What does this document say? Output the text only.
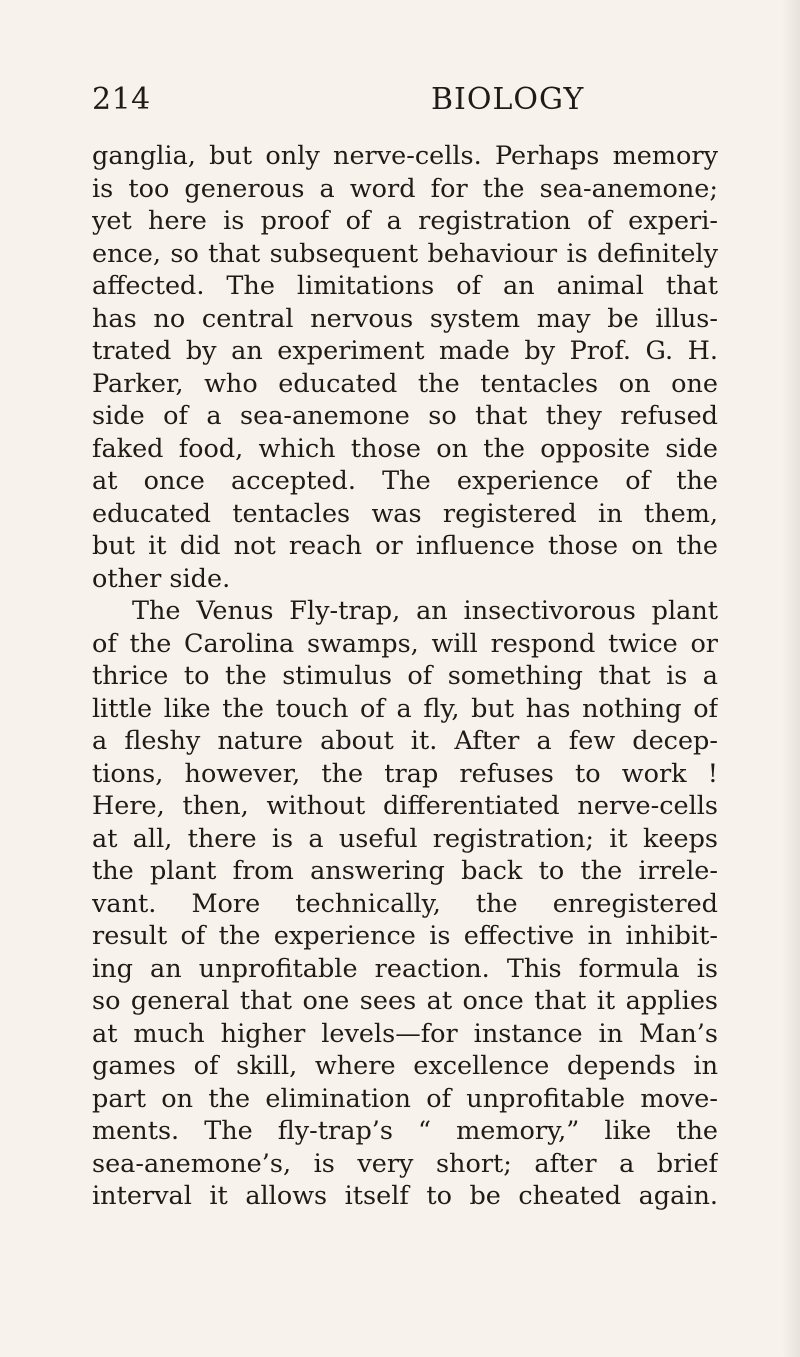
214	BIOLOGY
ganglia, but only nerve-cells. Perhaps memory
is too generous a word for the sea-anemone;
yet here is proof of a registration of experi-
ence, so that subsequent behaviour is definitely
affected. The limitations of an animal that
has no central nervous system may be illus-
trated by an experiment made by Prof. G. H.
Parker, who educated the tentacles on one
side of a sea-anemone so that they refused
faked food, which those on the opposite side
at once accepted. The experience of the
educated tentacles was registered in them,
but it did not reach or influence those on the
other side.
The Venus Fly-trap, an insectivorous plant
of the Carolina swamps, will respond twice or
thrice to the stimulus of something that is a
little like the touch of a fly, but has nothing of
a fleshy nature about it. After a few decep-
tions, however, the trap refuses to work !
Here, then, without differentiated nerve-cells
at all, there is a useful registration; it keeps
the plant from answering back to the irrele-
vant. More technically, the enregistered
result of the experience is effective in inhibit-
ing an unprofitable reaction. This formula is
so general that one sees at once that it applies
at much higher levels—for instance in Man’s
games of skill, where excellence depends in
part on the elimination of unprofitable move-
ments. The fly-trap’s “ memory,” like the
sea-anemone’s, is very short; after a brief
interval it allows itself to be cheated again.
